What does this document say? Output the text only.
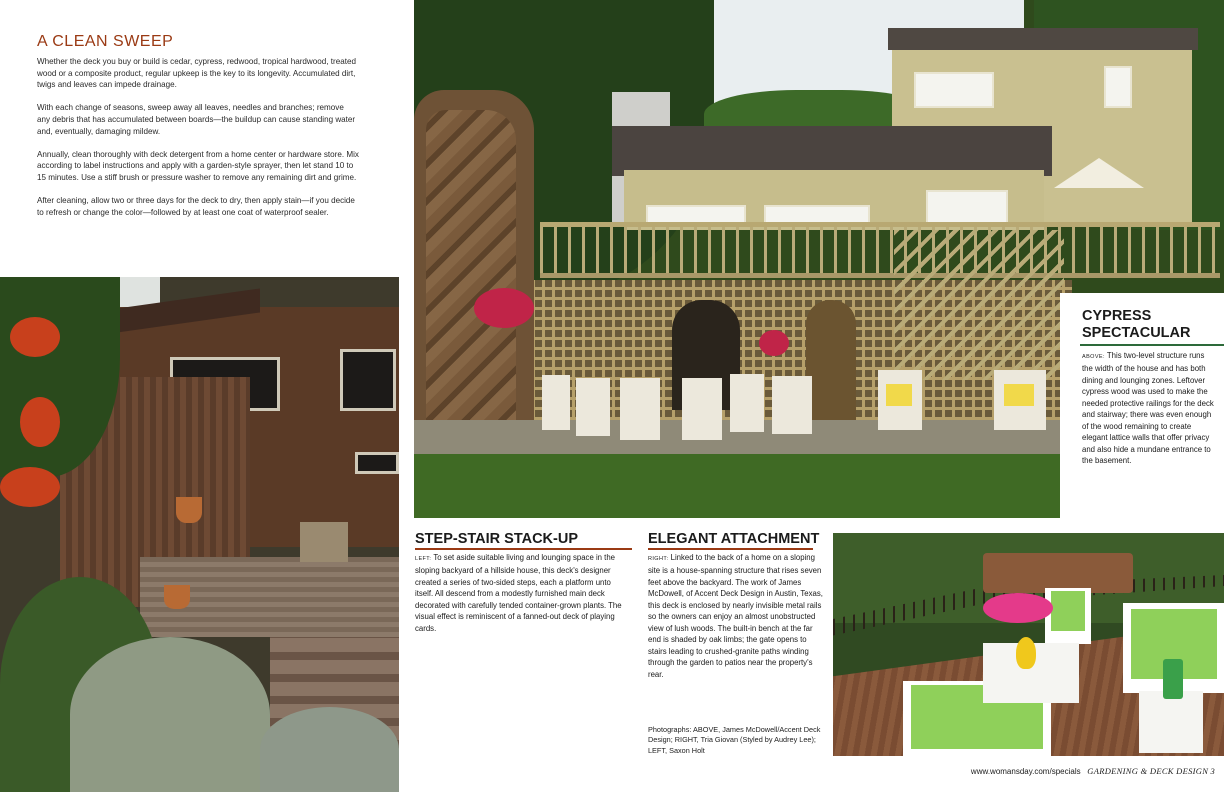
A CLEAN SWEEP

Whether the deck you buy or build is cedar, cypress, redwood, tropical hardwood, treated wood or a composite product, regular upkeep is the key to its longevity. Accumulated dirt, twigs and leaves can impede drainage.

With each change of seasons, sweep away all leaves, needles and branches; remove any debris that has accumulated between boards—the buildup can cause standing water and, eventually, damaging mildew.

Annually, clean thoroughly with deck detergent from a home center or hardware store. Mix according to label instructions and apply with a garden-style sprayer, then let stand 10 to 15 minutes. Use a stiff brush or pressure washer to remove any remaining dirt and grime.

After cleaning, allow two or three days for the deck to dry, then apply stain—if you decide to refresh or change the color—followed by at least one coat of waterproof sealer.

CYPRESS SPECTACULAR

ABOVE: This two-level structure runs the width of the house and has both dining and lounging zones. Leftover cypress wood was used to make the needed protective railings for the deck and stairway; there was even enough of the wood remaining to create elegant lattice walls that offer privacy and also hide a mundane entrance to the basement.

STEP-STAIR STACK-UP

LEFT: To set aside suitable living and lounging space in the sloping backyard of a hillside house, this deck's designer created a series of two-sided steps, each a platform unto itself. All descend from a modestly furnished main deck decorated with carefully tended container-grown plants. The visual effect is reminiscent of a fanned-out deck of playing cards.

ELEGANT ATTACHMENT

RIGHT: Linked to the back of a home on a sloping site is a house-spanning structure that rises seven feet above the backyard. The work of James McDowell, of Accent Deck Design in Austin, Texas, this deck is enclosed by nearly invisible metal rails so the owners can enjoy an almost unobstructed view of lush woods. The built-in bench at the far end is shaded by oak limbs; the gate opens to stairs leading to crushed-granite paths winding through the garden to patios near the property's rear.

Photographs: ABOVE, James McDowell/Accent Deck Design; RIGHT, Tria Giovan (Styled by Audrey Lee); LEFT, Saxon Holt

www.womansday.com/specials GARDENING & DECK DESIGN 3
